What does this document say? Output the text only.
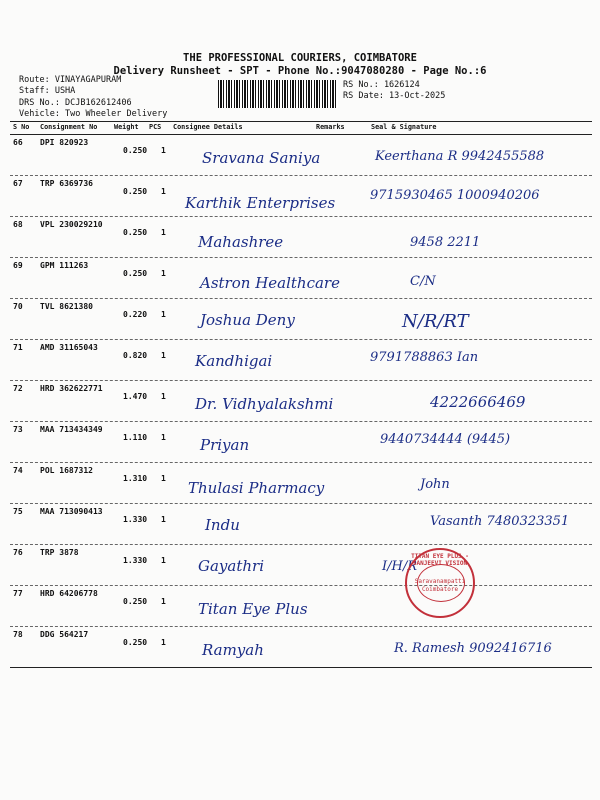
THE PROFESSIONAL COURIERS, COIMBATORE
Delivery Runsheet - SPT - Phone No.:9047080280 - Page No.:6
Route: VINAYAGAPURAM
Staff: USHA
DRS No.: DCJB162612406
Vehicle: Two Wheeler Delivery
RS No.: 1626124
RS Date: 13-Oct-2025
S No Consignment No Weight PCS Consignee Details	Remarks	Seal & Signature
66 DPI 820923
0.250 1 Sravana Saniya	Keerthana R 9942455588
67 TRP 6369736
0.250 1
Karthik Enterprises	9715930465 1000940206
68 VPL 230029210
0.250 1
Mahashree	9458 2211
69 GPM 111263
0.250 1
Astron Healthcare	C/N
70 TVL 8621380
0.220 1 Joshua Deny	N/R/RT
71 AMD 31165043
0.820 1 Kandhigai	9791788863 Ian
72 HRD 362622771
1.470 1 Dr. Vidhyalakshmi	4222666469
73 MAA 713434349
1.110 1 Priyan	9440734444 (9445)
74 POL 1687312
1.310 1
Thulasi Pharmacy	John
75 MAA 713090413
1.330 1	Indu	Vasanth 7480323351
76 TRP 3878
1.330 1 Gayathri	I/H/R
77 HRD 64206778
0.250 1 Titan Eye Plus
78 DDG 564217
0.250 1 Ramyah	R. Ramesh 9092416716
TITAN EYE PLUS - SANJEEVI VISION
Saravanampatti
Coimbatore
